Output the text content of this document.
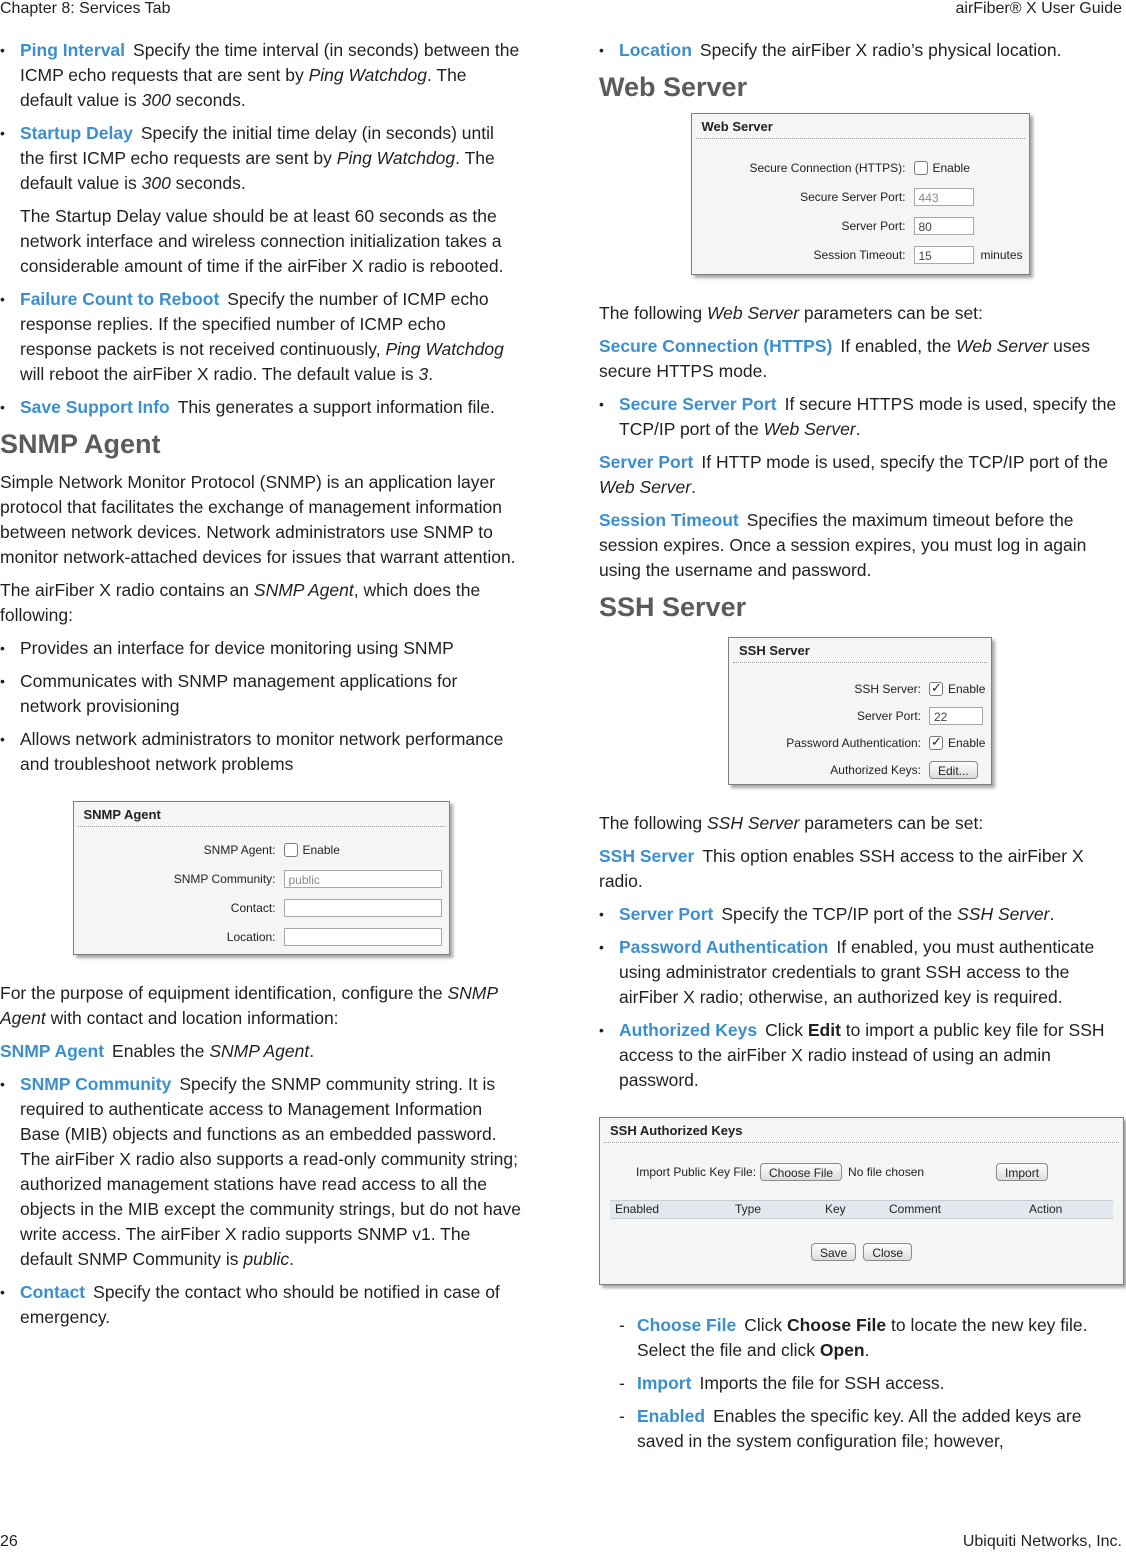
Chapter 8: Services Tab	airFiber® X User Guide
• Ping Interval Specify the time interval (in seconds) between the ICMP echo requests that are sent by Ping Watchdog. The default value is 300 seconds.
• Startup Delay Specify the initial time delay (in seconds) until the first ICMP echo requests are sent by Ping Watchdog. The default value is 300 seconds.

The Startup Delay value should be at least 60 seconds as the network interface and wireless connection initialization takes a considerable amount of time if the airFiber X radio is rebooted.

• Failure Count to Reboot Specify the number of ICMP echo response replies. If the specified number of ICMP echo response packets is not received continuously, Ping Watchdog will reboot the airFiber X radio. The default value is 3.
• Save Support Info This generates a support information file.
SNMP Agent

Simple Network Monitor Protocol (SNMP) is an application layer protocol that facilitates the exchange of management information between network devices. Network administrators use SNMP to monitor network-attached devices for issues that warrant attention.

The airFiber X radio contains an SNMP Agent, which does the following:

• Provides an interface for device monitoring using SNMP
• Communicates with SNMP management applications for network provisioning
• Allows network administrators to monitor network performance and troubleshoot network problems
SNMP Agent
SNMP Agent:	Enable
SNMP Community:	public
Contact:
Location:

For the purpose of equipment identification, configure the SNMP Agent with contact and location information:

SNMP Agent Enables the SNMP Agent.

• SNMP Community Specify the SNMP community string. It is required to authenticate access to Management Information Base (MIB) objects and functions as an embedded password. The airFiber X radio also supports a read-only community string; authorized management stations have read access to all the objects in the MIB except the community strings, but do not have write access. The airFiber X radio supports SNMP v1. The default SNMP Community is public.
• Contact Specify the contact who should be notified in case of emergency.
• Location Specify the airFiber X radio’s physical location.
Web Server
Web Server
Secure Connection (HTTPS):	Enable
Secure Server Port:	443
Server Port:	80
Session Timeout:	15	minutes

The following Web Server parameters can be set:

Secure Connection (HTTPS) If enabled, the Web Server uses secure HTTPS mode.

• Secure Server Port If secure HTTPS mode is used, specify the TCP/IP port of the Web Server.

Server Port If HTTP mode is used, specify the TCP/IP port of the Web Server.

Session Timeout Specifies the maximum timeout before the session expires. Once a session expires, you must log in again using the username and password.

SSH Server
SSH Server
SSH Server: ✓	Enable
Server Port:	22
Password Authentication: ✓	Enable
Authorized Keys:	Edit...

The following SSH Server parameters can be set:

SSH Server This option enables SSH access to the airFiber X radio.

• Server Port Specify the TCP/IP port of the SSH Server.
• Password Authentication If enabled, you must authenticate using administrator credentials to grant SSH access to the airFiber X radio; otherwise, an authorized key is required.
• Authorized Keys Click Edit to import a public key file for SSH access to the airFiber X radio instead of using an admin password.
SSH Authorized Keys
Import Public Key File:	Choose File	No file chosen	Import
Enabled	Type	Key	Comment	Action
Save	Close
- Choose File Click Choose File to locate the new key file. Select the file and click Open.
- Import Imports the file for SSH access.
- Enabled Enables the specific key. All the added keys are saved in the system configuration file; however,
26	Ubiquiti Networks, Inc.
